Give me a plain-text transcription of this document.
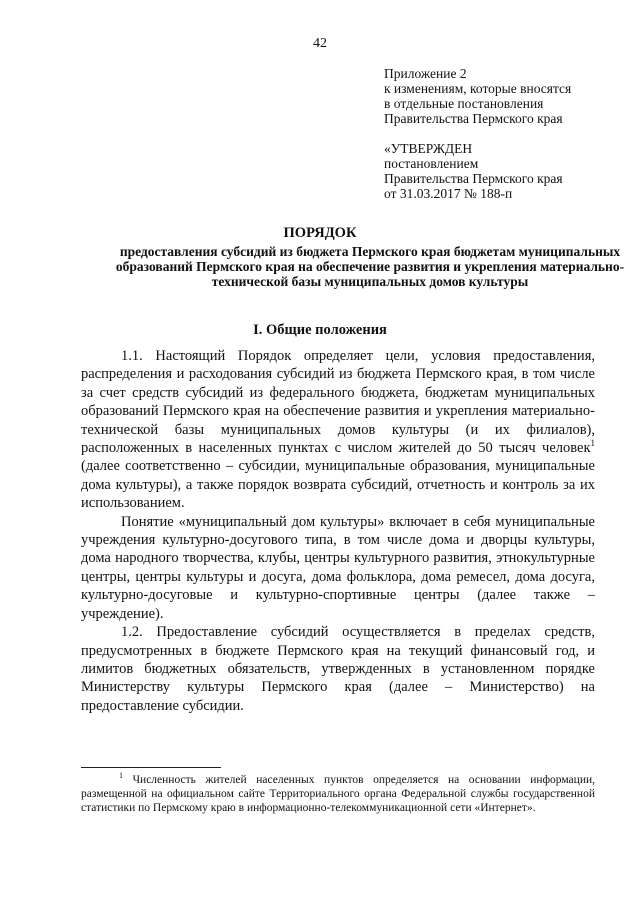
42
Приложение 2
к изменениям, которые вносятся
в отдельные постановления
Правительства Пермского края
«УТВЕРЖДЕН
постановлением
Правительства Пермского края
от 31.03.2017 № 188-п
ПОРЯДОК
предоставления субсидий из бюджета Пермского края бюджетам муниципальных образований Пермского края на обеспечение развития и укрепления материально-технической базы муниципальных домов культуры
I. Общие положения

1.1. Настоящий Порядок определяет цели, условия предоставления, распределения и расходования субсидий из бюджета Пермского края, в том числе за счет средств субсидий из федерального бюджета, бюджетам муниципальных образований Пермского края на обеспечение развития и укрепления материально-технической базы муниципальных домов культуры (и их филиалов), расположенных в населенных пунктах с числом жителей до 50 тысяч человек$^1$ (далее соответственно – субсидии, муниципальные образования, муниципальные дома культуры), а также порядок возврата субсидий, отчетность и контроль за их использованием.

Понятие «муниципальный дом культуры» включает в себя муниципальные учреждения культурно-досугового типа, в том числе дома и дворцы культуры, дома народного творчества, клубы, центры культурного развития, этнокультурные центры, центры культуры и досуга, дома фольклора, дома ремесел, дома досуга, культурно-досуговые и культурно-спортивные центры (далее также – учреждение).

1.2. Предоставление субсидий осуществляется в пределах средств, предусмотренных в бюджете Пермского края на текущий финансовый год, и лимитов бюджетных обязательств, утвержденных в установленном порядке Министерству культуры Пермского края (далее – Министерство) на предоставление субсидии.

$^1$ Численность жителей населенных пунктов определяется на основании информации, размещенной на официальном сайте Территориального органа Федеральной службы государственной статистики по Пермскому краю в информационно-телекоммуникационной сети «Интернет».
